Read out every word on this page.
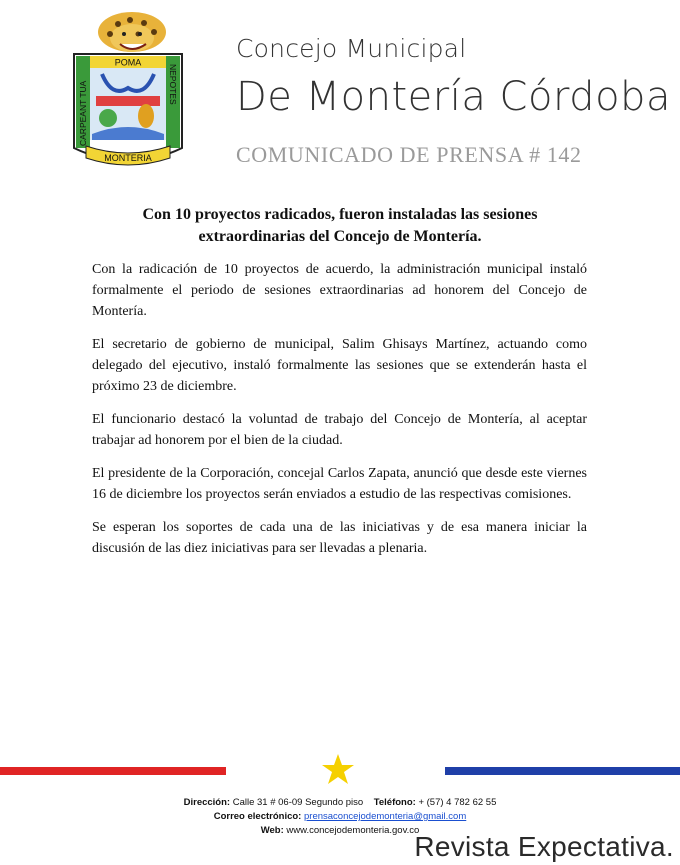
POMA
CARPEANT TUA	NEPOTES
MONTERIA
Concejo Municipal
De Montería Córdoba
COMUNICADO DE PRENSA # 142
Con 10 proyectos radicados, fueron instaladas las sesiones extraordinarias del Concejo de Montería.

Con la radicación de 10 proyectos de acuerdo, la administración municipal instaló formalmente el periodo de sesiones extraordinarias ad honorem del Concejo de Montería.

El secretario de gobierno de municipal, Salim Ghisays Martínez, actuando como delegado del ejecutivo, instaló formalmente las sesiones que se extenderán hasta el próximo 23 de diciembre.

El funcionario destacó la voluntad de trabajo del Concejo de Montería, al aceptar trabajar ad honorem por el bien de la ciudad.

El presidente de la Corporación, concejal Carlos Zapata, anunció que desde este viernes 16 de diciembre los proyectos serán enviados a estudio de las respectivas comisiones.

Se esperan los soportes de cada una de las iniciativas y de esa manera iniciar la discusión de las diez iniciativas para ser llevadas a plenaria.

Dirección: Calle 31 # 06-09 Segundo piso Teléfono: + (57) 4 782 62 55
Correo electrónico: prensaconcejodemonteria@gmail.com
Web: www.concejodemonteria.gov.co
Revista Expectativa.
